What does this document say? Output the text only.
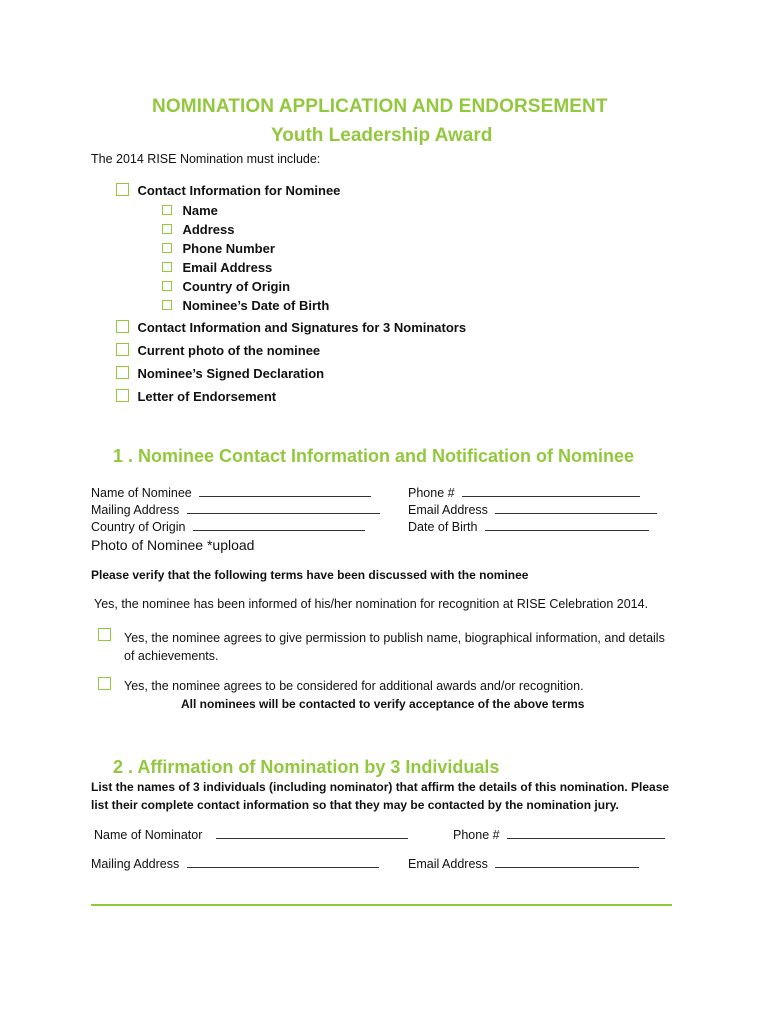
NOMINATION APPLICATION AND ENDORSEMENT
Youth Leadership Award
The 2014 RISE Nomination must include:
Contact Information for Nominee
Name
Address
Phone Number
Email Address
Country of Origin
Nominee’s Date of Birth
Contact Information and Signatures for 3 Nominators
Current photo of the nominee
Nominee’s Signed Declaration
Letter of Endorsement
1 . Nominee Contact Information and Notification of Nominee
Name of Nominee
Mailing Address
Country of Origin
Phone #
Email Address
Date of Birth
Photo of Nominee *upload
Please verify that the following terms have been discussed with the nominee
Yes, the nominee has been informed of his/her nomination for recognition at RISE Celebration 2014.
Yes, the nominee agrees to give permission to publish name, biographical information, and details
of achievements.
Yes, the nominee agrees to be considered for additional awards and/or recognition.
All nominees will be contacted to verify acceptance of the above terms
2 . Affirmation of Nomination by 3 Individuals
List the names of 3 individuals (including nominator) that affirm the details of this nomination. Please
list their complete contact information so that they may be contacted by the nomination jury.
Name of Nominator	Phone #
Mailing Address	Email Address
